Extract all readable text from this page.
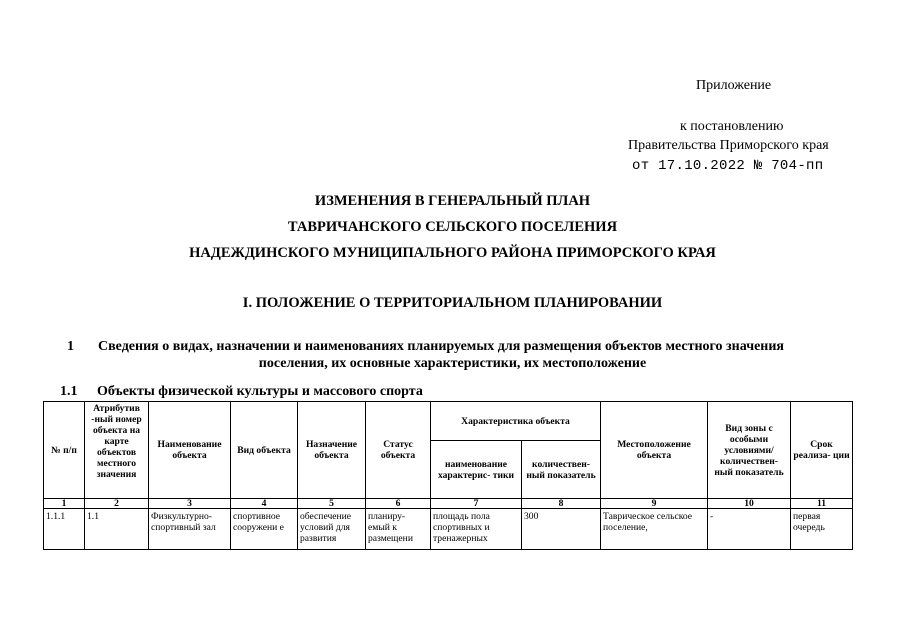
Приложение
к постановлению
Правительства Приморского края
от 17.10.2022 № 704-пп
ИЗМЕНЕНИЯ В ГЕНЕРАЛЬНЫЙ ПЛАН
ТАВРИЧАНСКОГО СЕЛЬСКОГО ПОСЕЛЕНИЯ
НАДЕЖДИНСКОГО МУНИЦИПАЛЬНОГО РАЙОНА ПРИМОРСКОГО КРАЯ
I. ПОЛОЖЕНИЕ О ТЕРРИТОРИАЛЬНОМ ПЛАНИРОВАНИИ
1 Сведения о видах, назначении и наименованиях планируемых для размещения объектов местного значения
поселения, их основные характеристики, их местоположение
1.1 Объекты физической культуры и массового спорта
№ п/п	Атрибутив -ный номер объекта на карте объектов местного значения	Наименование объекта	Вид объекта	Назначение объекта	Статус объекта	Характеристика объекта		Местоположение объекта	Вид зоны с особыми условиями/ количествен- ный показатель	Срок реализа- ции
						наименование характерис- тики	количествен- ный показатель			
1	2	3	4	5	6	7	8	9	10	11

1.1.1	1.1	Физкультурно- спортивный зал	спортивное сооружени е	обеспечение условий для развития	планиру- емый к размещени	площадь пола спортивных и тренажерных	300	Таврическое сельское поселение,	-	первая очередь
